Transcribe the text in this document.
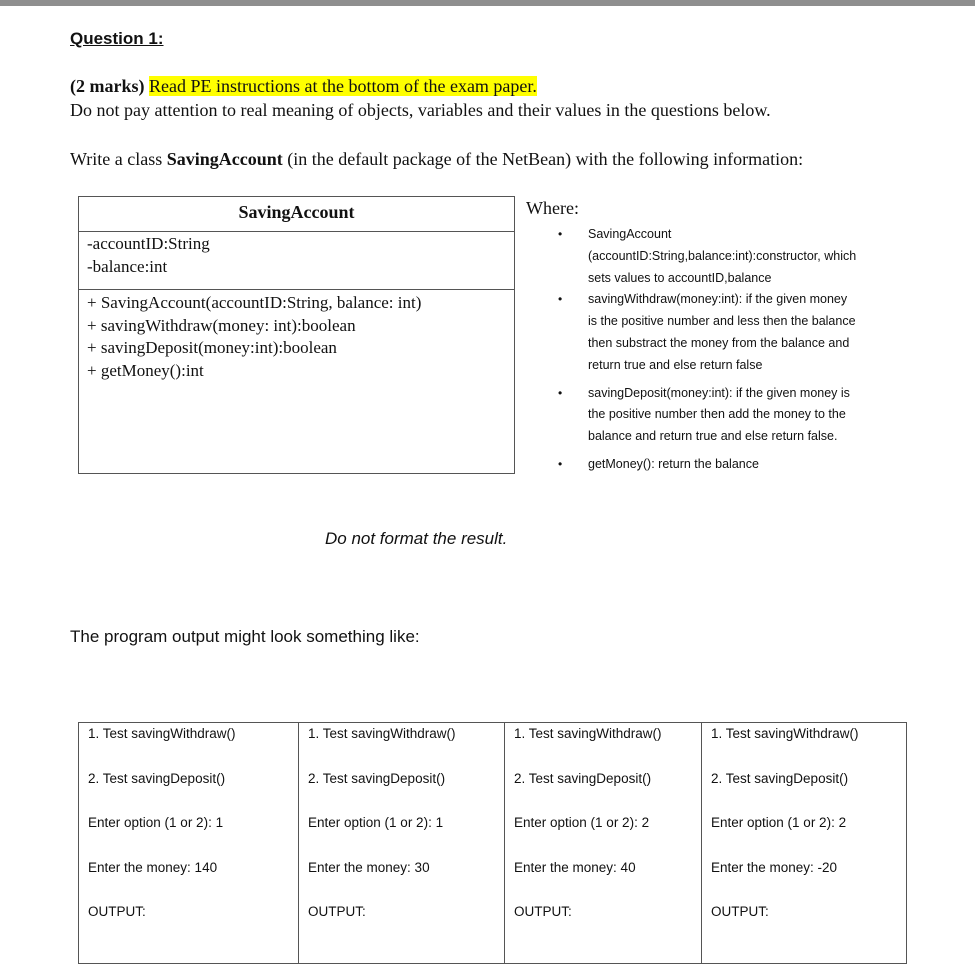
Question 1:
(2 marks) Read PE instructions at the bottom of the exam paper.
Do not pay attention to real meaning of objects, variables and their values in the questions below.
Write a class SavingAccount (in the default package of the NetBean) with the following information:
SavingAccount
-accountID:String
-balance:int
+ SavingAccount(accountID:String, balance: int)
+ savingWithdraw(money: int):boolean
+ savingDeposit(money:int):boolean
+ getMoney():int
Where:
• SavingAccount
(accountID:String,balance:int):constructor, which
sets values to accountID,balance
• savingWithdraw(money:int): if the given money
is the positive number and less then the balance
then substract the money from the balance and
return true and else return false
• savingDeposit(money:int): if the given money is
the positive number then add the money to the
balance and return true and else return false.
• getMoney(): return the balance
Do not format the result.
The program output might look something like:
1. Test savingWithdraw()
2. Test savingDeposit()
Enter option (1 or 2): 1
Enter the money: 140
OUTPUT:

1. Test savingWithdraw()
2. Test savingDeposit()
Enter option (1 or 2): 1
Enter the money: 30
OUTPUT:

1. Test savingWithdraw()
2. Test savingDeposit()
Enter option (1 or 2): 2
Enter the money: 40
OUTPUT:

1. Test savingWithdraw()
2. Test savingDeposit()
Enter option (1 or 2): 2
Enter the money: -20
OUTPUT:
